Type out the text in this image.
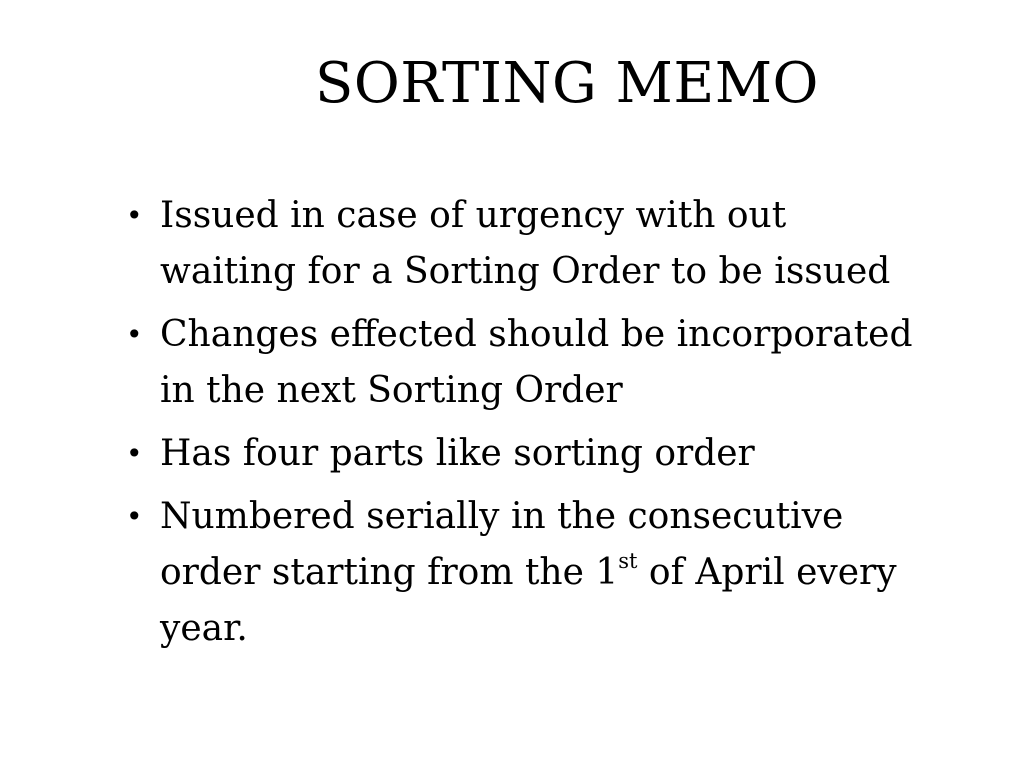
SORTING MEMO
• Issued in case of urgency with out
waiting for a Sorting Order to be issued
• Changes effected should be incorporated
in the next Sorting Order
• Has four parts like sorting order
• Numbered serially in the consecutive
order starting from the 1st of April every
year.
